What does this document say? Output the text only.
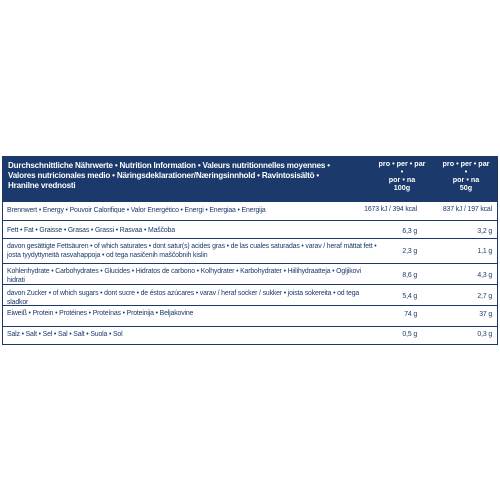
Durchschnittliche Nährwerte • Nutrition Information • Valeurs nutritionnelles moyennes •
Valores nutricionales medio • Näringsdeklarationer/Næringsinnhold • Ravintosisältö •
Hranilne vrednosti
pro • per • par •
por • na
100g
pro • per • par •
por • na
50g
Brennwert • Energy • Pouvoir Calorifique • Valor Energético • Energi • Energiaa • Energija	1673 kJ / 394 kcal	837 kJ / 197 kcal
Fett • Fat • Graisse • Grasas • Grassi • Rasvaa • Maščoba	6,3 g	3,2 g
davon gesättigte Fettsäuren • of which saturates • dont satur(s) acides gras • de las cuales saturadas • varav / heraf mättat fett •
josta tyydyttyneitä rasvahappoja • od tega nasičenih maščobnih kislin
2,3 g	1,1 g
Kohlenhydrate • Carbohydrates • Glucides • Hidratos de carbono • Kolhydrater • Karbohydrater • Hiilihydraatteja • Ogljikovi hidrati
8,6 g	4,3 g
davon Zucker • of which sugars • dont sucre • de éstos azúcares • varav / heraf socker / sukker • joista sokereita • od tega sladkor
5,4 g	2,7 g
Eiweiß • Protein • Protéines • Proteínas • Proteinija • Beljakovine	74 g	37 g
Salz • Salt • Sel • Sal • Salt • Suola • Sol	0,5 g	0,3 g
